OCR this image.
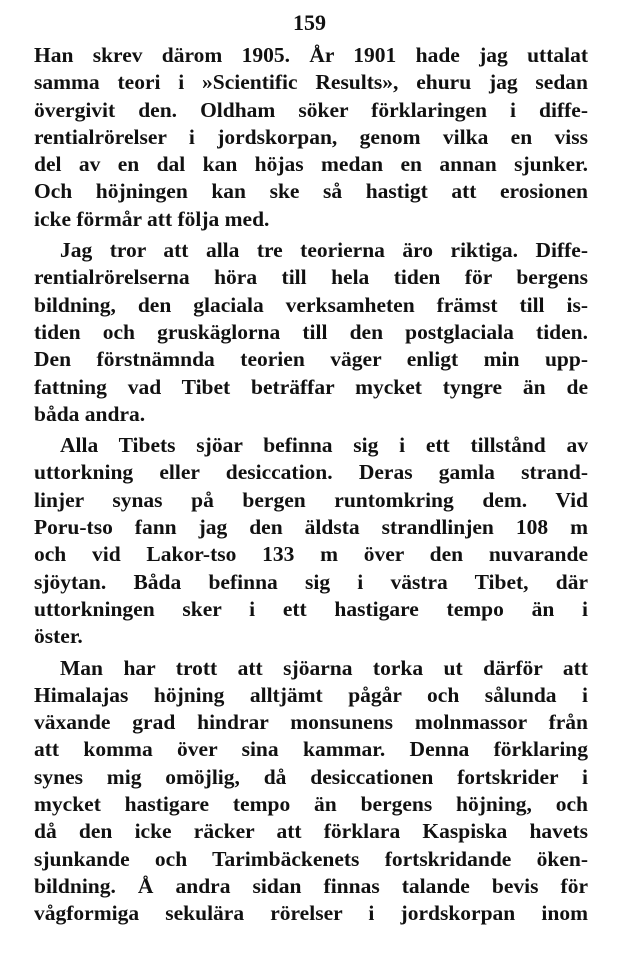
159
Han skrev därom 1905. År 1901 hade jag uttalat
samma teori i »Scientific Results», ehuru jag sedan
övergivit den. Oldham söker förklaringen i diffe-
rentialrörelser i jordskorpan, genom vilka en viss
del av en dal kan höjas medan en annan sjunker.
Och höjningen kan ske så hastigt att erosionen
icke förmår att följa med.
Jag tror att alla tre teorierna äro riktiga. Diffe-
rentialrörelserna höra till hela tiden för bergens
bildning, den glaciala verksamheten främst till is-
tiden och gruskäglorna till den postglaciala tiden.
Den förstnämnda teorien väger enligt min upp-
fattning vad Tibet beträffar mycket tyngre än de
båda andra.
Alla Tibets sjöar befinna sig i ett tillstånd av
uttorkning eller desiccation. Deras gamla strand-
linjer synas på bergen runtomkring dem. Vid
Poru-tso fann jag den äldsta strandlinjen 108 m
och vid Lakor-tso 133 m över den nuvarande
sjöytan. Båda befinna sig i västra Tibet, där
uttorkningen sker i ett hastigare tempo än i
öster.
Man har trott att sjöarna torka ut därför att
Himalajas höjning alltjämt pågår och sålunda i
växande grad hindrar monsunens molnmassor från
att komma över sina kammar. Denna förklaring
synes mig omöjlig, då desiccationen fortskrider i
mycket hastigare tempo än bergens höjning, och
då den icke räcker att förklara Kaspiska havets
sjunkande och Tarimbäckenets fortskridande öken-
bildning. Å andra sidan finnas talande bevis för
vågformiga sekulära rörelser i jordskorpan inom
